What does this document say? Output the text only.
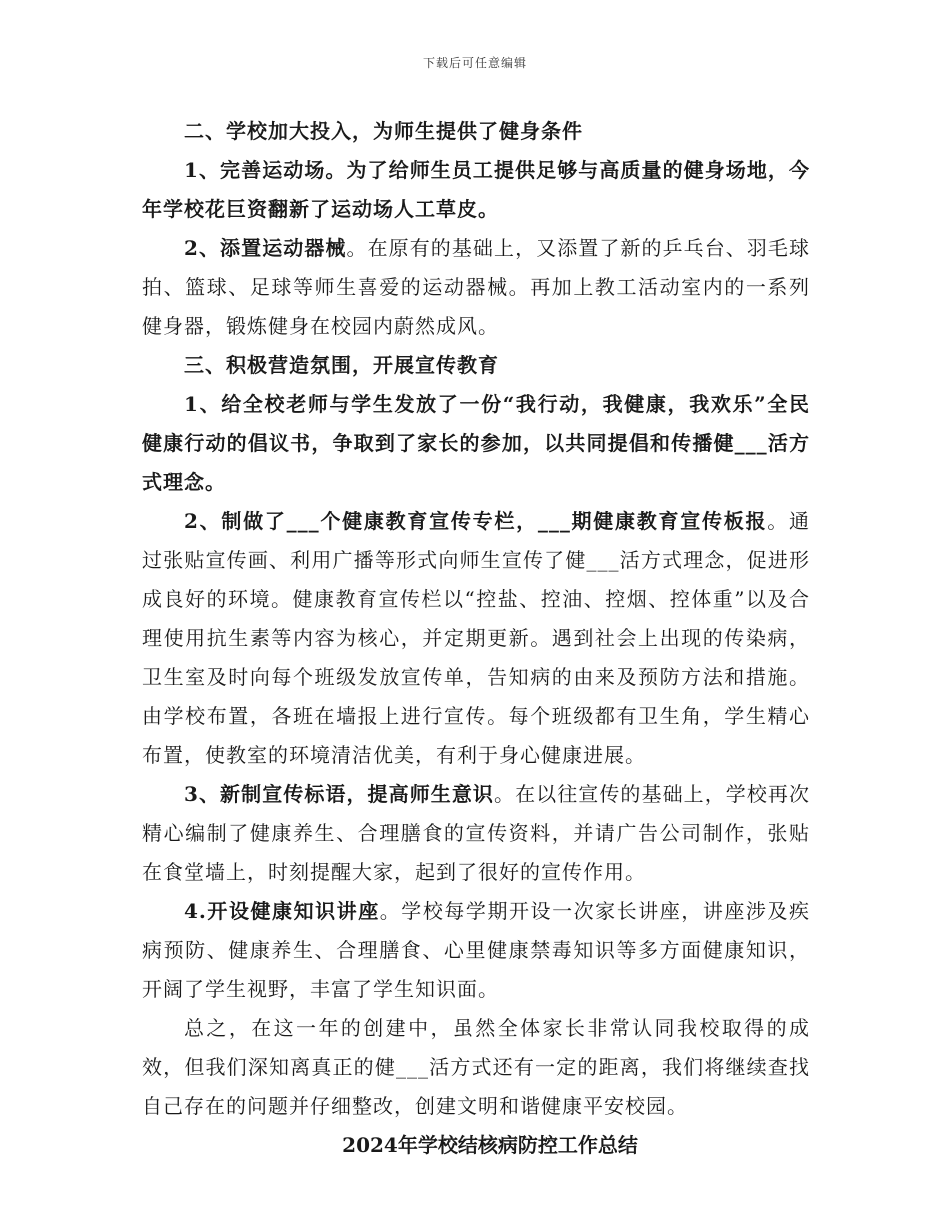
下载后可任意编辑

二、学校加大投入，为师生提供了健身条件

1、完善运动场。为了给师生员工提供足够与高质量的健身场地，今年学校花巨资翻新了运动场人工草皮。

2、添置运动器械。在原有的基础上，又添置了新的乒乓台、羽毛球拍、篮球、足球等师生喜爱的运动器械。再加上教工活动室内的一系列健身器，锻炼健身在校园内蔚然成风。

三、积极营造氛围，开展宣传教育

1、给全校老师与学生发放了一份“我行动，我健康，我欢乐”全民健康行动的倡议书，争取到了家长的参加，以共同提倡和传播健___活方式理念。

2、制做了___个健康教育宣传专栏，___期健康教育宣传板报。通过张贴宣传画、利用广播等形式向师生宣传了健___活方式理念，促进形成良好的环境。健康教育宣传栏以“控盐、控油、控烟、控体重”以及合理使用抗生素等内容为核心，并定期更新。遇到社会上出现的传染病，卫生室及时向每个班级发放宣传单，告知病的由来及预防方法和措施。由学校布置，各班在墙报上进行宣传。每个班级都有卫生角，学生精心布置，使教室的环境清洁优美，有利于身心健康进展。

3、新制宣传标语，提高师生意识。在以往宣传的基础上，学校再次精心编制了健康养生、合理膳食的宣传资料，并请广告公司制作，张贴在食堂墙上，时刻提醒大家，起到了很好的宣传作用。

4.开设健康知识讲座。学校每学期开设一次家长讲座，讲座涉及疾病预防、健康养生、合理膳食、心里健康禁毒知识等多方面健康知识，开阔了学生视野，丰富了学生知识面。

总之，在这一年的创建中，虽然全体家长非常认同我校取得的成效，但我们深知离真正的健___活方式还有一定的距离，我们将继续查找自己存在的问题并仔细整改，创建文明和谐健康平安校园。

2024年学校结核病防控工作总结
